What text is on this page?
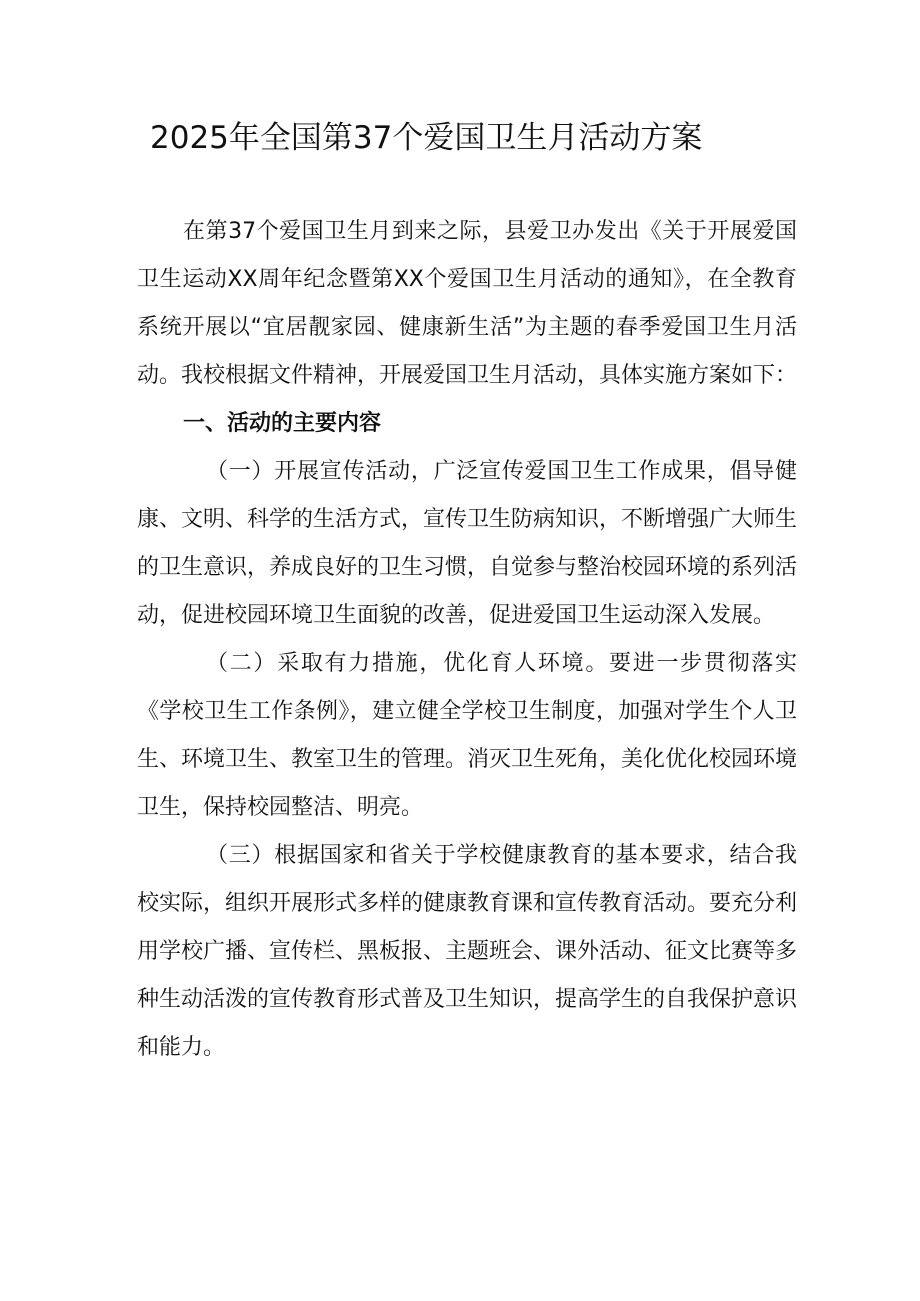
2025年全国第37个爱国卫生月活动方案

在第37个爱国卫生月到来之际，县爱卫办发出《关于开展爱国卫生运动XX周年纪念暨第XX个爱国卫生月活动的通知》，在全教育系统开展以“宜居靓家园、健康新生活”为主题的春季爱国卫生月活动。我校根据文件精神，开展爱国卫生月活动，具体实施方案如下：

一、活动的主要内容

（一）开展宣传活动，广泛宣传爱国卫生工作成果，倡导健康、文明、科学的生活方式，宣传卫生防病知识，不断增强广大师生的卫生意识，养成良好的卫生习惯，自觉参与整治校园环境的系列活动，促进校园环境卫生面貌的改善，促进爱国卫生运动深入发展。

（二）采取有力措施，优化育人环境。要进一步贯彻落实《学校卫生工作条例》，建立健全学校卫生制度，加强对学生个人卫生、环境卫生、教室卫生的管理。消灭卫生死角，美化优化校园环境卫生，保持校园整洁、明亮。

（三）根据国家和省关于学校健康教育的基本要求，结合我校实际，组织开展形式多样的健康教育课和宣传教育活动。要充分利用学校广播、宣传栏、黑板报、主题班会、课外活动、征文比赛等多种生动活泼的宣传教育形式普及卫生知识，提高学生的自我保护意识和能力。
